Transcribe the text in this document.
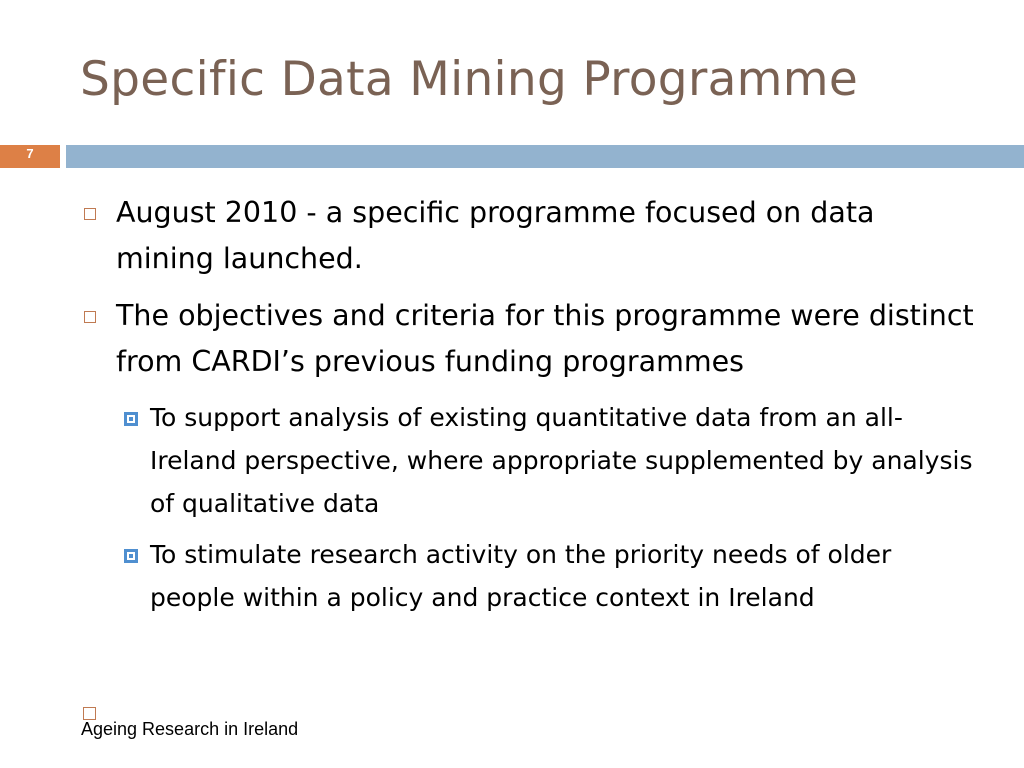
Specific Data Mining Programme
7
August 2010 - a specific programme focused on data mining launched.
The objectives and criteria for this programme were distinct from CARDI’s previous funding programmes
To support analysis of existing quantitative data from an all-Ireland perspective, where appropriate supplemented by analysis of qualitative data
To stimulate research activity on the priority needs of older people within a policy and practice context in Ireland
Ageing Research in Ireland
